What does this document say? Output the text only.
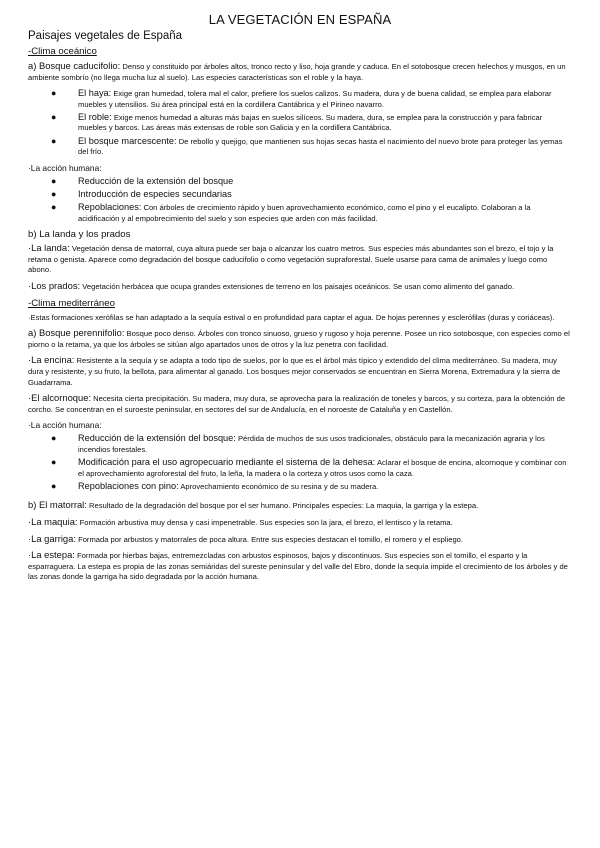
LA VEGETACIÓN EN ESPAÑA
Paisajes vegetales de España
-Clima oceánico

a) Bosque caducifolio: Denso y constituido por árboles altos, tronco recto y liso, hoja grande y caduca. En el sotobosque crecen helechos y musgos, en un ambiente sombrío (no llega mucha luz al suelo). Las especies características son el roble y la haya.

● El haya: Exige gran humedad, tolera mal el calor, prefiere los suelos calizos. Su madera, dura y de buena calidad, se emplea para elaborar muebles y utensilios. Su área principal está en la cordillera Cantábrica y el Pirineo navarro.
● El roble: Exige menos humedad a alturas más bajas en suelos silíceos. Su madera, dura, se emplea para la construcción y para fabricar muebles y barcos. Las áreas más extensas de roble son Galicia y en la cordillera Cantábrica.
● El bosque marcescente: De rebollo y quejigo, que mantienen sus hojas secas hasta el nacimiento del nuevo brote para proteger las yemas del frío.
·La acción humana:
● Reducción de la extensión del bosque
● Introducción de especies secundarias
● Repoblaciones: Con árboles de crecimiento rápido y buen aprovechamiento económico, como el pino y el eucalipto. Colaboran a la acidificación y al empobrecimiento del suelo y son especies que arden con más facilidad.
b) La landa y los prados

·La landa: Vegetación densa de matorral, cuya altura puede ser baja o alcanzar los cuatro metros. Sus especies más abundantes son el brezo, el tojo y la retama o genista. Aparece como degradación del bosque caducifolio o como vegetación supraforestal. Suele usarse para cama de animales y luego como abono.

·Los prados: Vegetación herbácea que ocupa grandes extensiones de terreno en los paisajes oceánicos. Se usan como alimento del ganado.

-Clima mediterráneo

·Estas formaciones xerófilas se han adaptado a la sequía estival o en profundidad para captar el agua. De hojas perennes y esclerófilas (duras y coriáceas).

a) Bosque perennifolio: Bosque poco denso. Árboles con tronco sinuoso, grueso y rugoso y hoja perenne. Posee un rico sotobosque, con especies como el piorno o la retama, ya que los árboles se sitúan algo apartados unos de otros y la luz penetra con facilidad.

·La encina: Resistente a la sequía y se adapta a todo tipo de suelos, por lo que es el árbol más típico y extendido del clima mediterráneo. Su madera, muy dura y resistente, y su fruto, la bellota, para alimentar al ganado. Los bosques mejor conservados se encuentran en Sierra Morena, Extremadura y la sierra de Guadarrama.

·El alcornoque: Necesita cierta precipitación. Su madera, muy dura, se aprovecha para la realización de toneles y barcos, y su corteza, para la obtención de corcho. Se concentran en el suroeste peninsular, en sectores del sur de Andalucía, en el noroeste de Cataluña y en Castellón.

·La acción humana:
● Reducción de la extensión del bosque: Pérdida de muchos de sus usos tradicionales, obstáculo para la mecanización agraria y los incendios forestales.
● Modificación para el uso agropecuario mediante el sistema de la dehesa: Aclarar el bosque de encina, alcornoque y combinar con el aprovechamiento agroforestal del fruto, la leña, la madera o la corteza y otros usos como la caza.
● Repoblaciones con pino: Aprovechamiento económico de su resina y de su madera.

b) El matorral: Resultado de la degradación del bosque por el ser humano. Principales especies: La maquia, la garriga y la estepa.

·La maquia: Formación arbustiva muy densa y casi impenetrable. Sus especies son la jara, el brezo, el lentisco y la retama.

·La garriga: Formada por arbustos y matorrales de poca altura. Entre sus especies destacan el tomillo, el romero y el espliego.

·La estepa: Formada por hierbas bajas, entremezcladas con arbustos espinosos, bajos y discontinuos. Sus especies son el tomillo, el esparto y la esparraguera. La estepa es propia de las zonas semiáridas del sureste peninsular y del valle del Ebro, donde la sequía impide el crecimiento de los árboles y de las zonas donde la garriga ha sido degradada por la acción humana.
